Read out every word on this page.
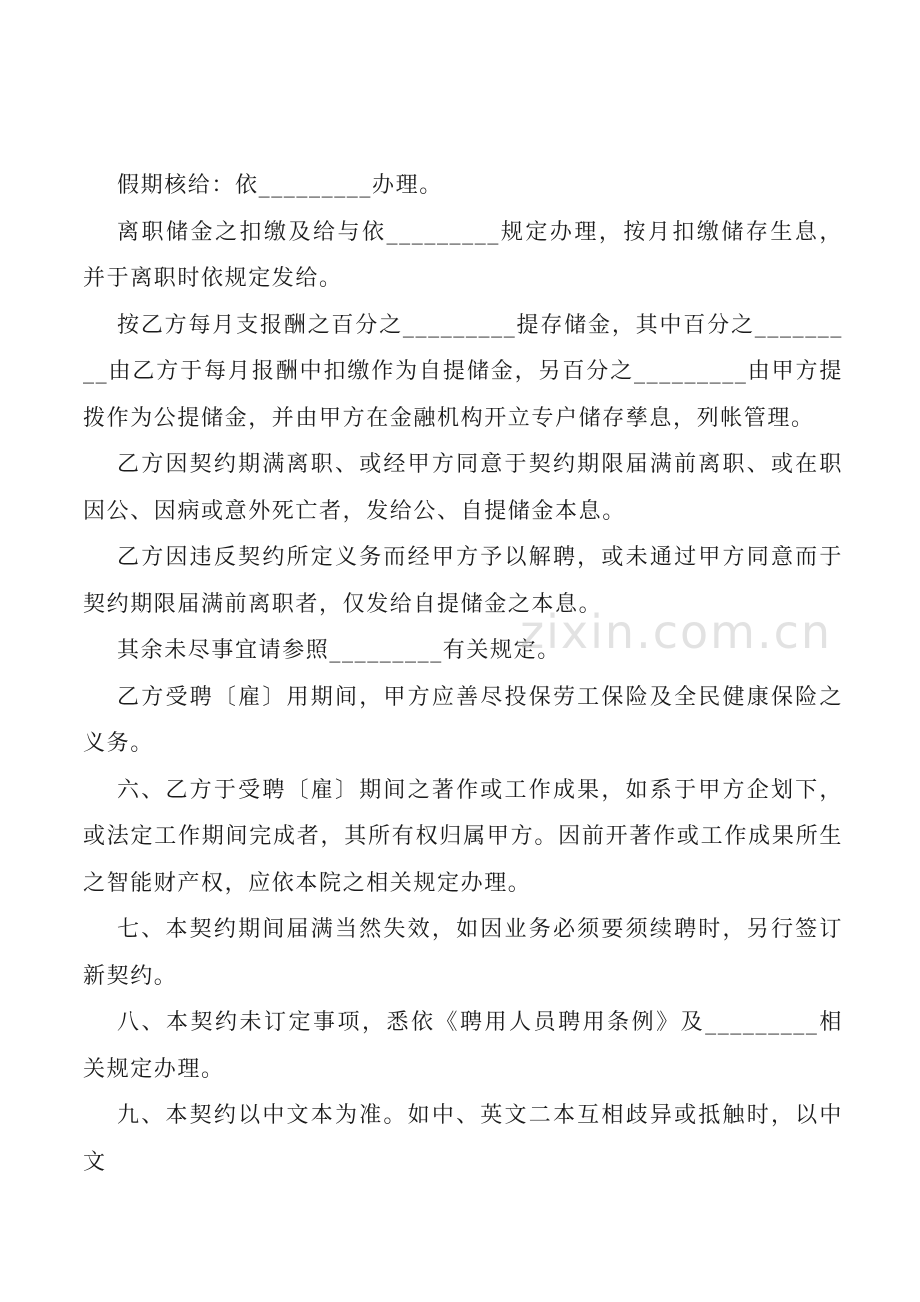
假期核给：依_________办理。

离职储金之扣缴及给与依_________规定办理，按月扣缴储存生息，并于离职时依规定发给。

按乙方每月支报酬之百分之_________提存储金，其中百分之_________由乙方于每月报酬中扣缴作为自提储金，另百分之_________由甲方提拨作为公提储金，并由甲方在金融机构开立专户储存孳息，列帐管理。

乙方因契约期满离职、或经甲方同意于契约期限届满前离职、或在职因公、因病或意外死亡者，发给公、自提储金本息。

乙方因违反契约所定义务而经甲方予以解聘，或未通过甲方同意而于契约期限届满前离职者，仅发给自提储金之本息。

其余未尽事宜请参照_________有关规定。

乙方受聘〔雇〕用期间，甲方应善尽投保劳工保险及全民健康保险之义务。

六、乙方于受聘〔雇〕期间之著作或工作成果，如系于甲方企划下，或法定工作期间完成者，其所有权归属甲方。因前开著作或工作成果所生之智能财产权，应依本院之相关规定办理。

七、本契约期间届满当然失效，如因业务必须要须续聘时，另行签订新契约。

八、本契约未订定事项，悉依《聘用人员聘用条例》及_________相关规定办理。

九、本契约以中文本为准。如中、英文二本互相歧异或抵触时，以中文

zixin.com.cn
